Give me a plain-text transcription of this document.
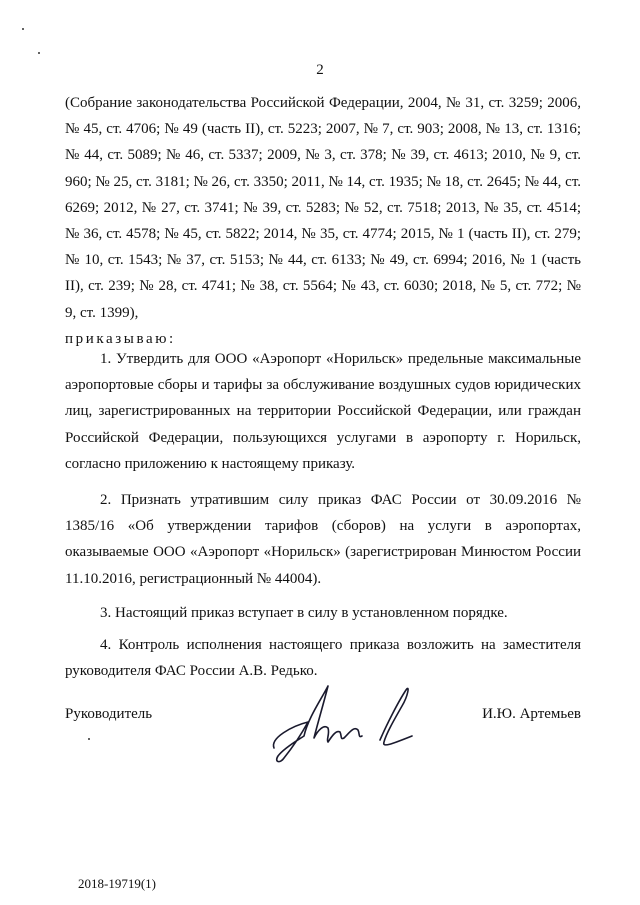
2

(Собрание законодательства Российской Федерации, 2004, № 31, ст. 3259; 2006, № 45, ст. 4706; № 49 (часть II), ст. 5223; 2007, № 7, ст. 903; 2008, № 13, ст. 1316; № 44, ст. 5089; № 46, ст. 5337; 2009, № 3, ст. 378; № 39, ст. 4613; 2010, № 9, ст. 960; № 25, ст. 3181; № 26, ст. 3350; 2011, № 14, ст. 1935; № 18, ст. 2645; № 44, ст. 6269; 2012, № 27, ст. 3741; № 39, ст. 5283; № 52, ст. 7518; 2013, № 35, ст. 4514; № 36, ст. 4578; № 45, ст. 5822; 2014, № 35, ст. 4774; 2015, № 1 (часть II), ст. 279; № 10, ст. 1543; № 37, ст. 5153; № 44, ст. 6133; № 49, ст. 6994; 2016, № 1 (часть II), ст. 239; № 28, ст. 4741; № 38, ст. 5564; № 43, ст. 6030; 2018, № 5, ст. 772; № 9, ст. 1399),

приказываю:

1. Утвердить для ООО «Аэропорт «Норильск» предельные максимальные аэропортовые сборы и тарифы за обслуживание воздушных судов юридических лиц, зарегистрированных на территории Российской Федерации, или граждан Российской Федерации, пользующихся услугами в аэропорту г. Норильск, согласно приложению к настоящему приказу.

2. Признать утратившим силу приказ ФАС России от 30.09.2016 № 1385/16 «Об утверждении тарифов (сборов) на услуги в аэропортах, оказываемые ООО «Аэропорт «Норильск» (зарегистрирован Минюстом России 11.10.2016, регистрационный № 44004).

3. Настоящий приказ вступает в силу в установленном порядке.

4. Контроль исполнения настоящего приказа возложить на заместителя руководителя ФАС России А.В. Редько.

Руководитель	И.Ю. Артемьев
2018-19719(1)
